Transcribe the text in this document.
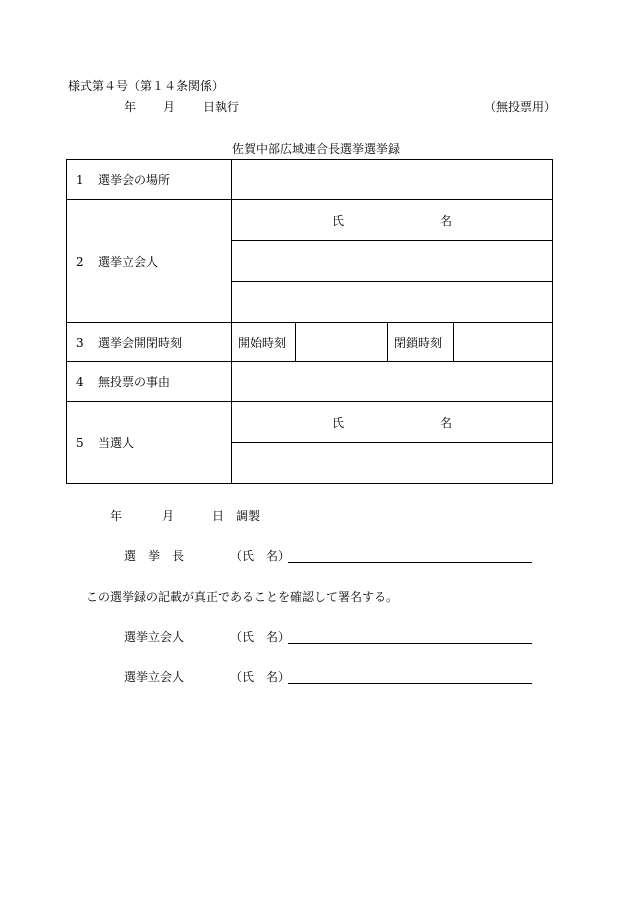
様式第４号（第１４条関係）
年 月 日執行	（無投票用）
佐賀中部広域連合長選挙選挙録
1 選挙会の場所				
2 選挙立会人	氏　名			

3 選挙会開閉時刻	開始時刻		閉鎖時刻	
4 無投票の事由				
5 当選人	氏　名			

年	月	日　調製
選　挙　長	（氏　名）
この選挙録の記載が真正であることを確認して署名する。
選挙立会人	（氏　名）
選挙立会人	（氏　名）
